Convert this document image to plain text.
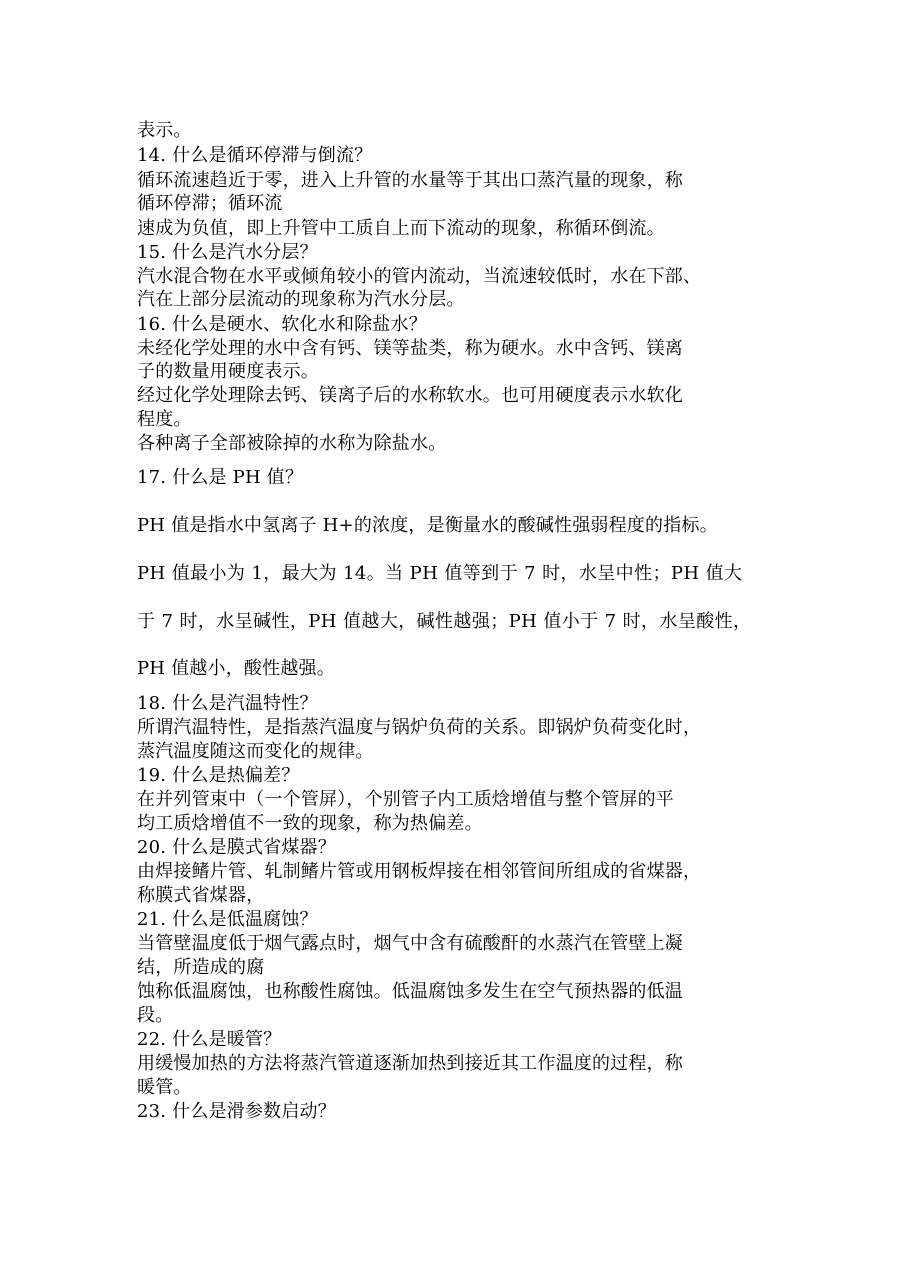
表示。

14. 什么是循环停滞与倒流？

循环流速趋近于零，进入上升管的水量等于其出口蒸汽量的现象，称

循环停滞；循环流

速成为负值，即上升管中工质自上而下流动的现象，称循环倒流。

15. 什么是汽水分层？

汽水混合物在水平或倾角较小的管内流动，当流速较低时，水在下部、

汽在上部分层流动的现象称为汽水分层。

16. 什么是硬水、软化水和除盐水？

未经化学处理的水中含有钙、镁等盐类，称为硬水。水中含钙、镁离

子的数量用硬度表示。

经过化学处理除去钙、镁离子后的水称软水。也可用硬度表示水软化

程度。

各种离子全部被除掉的水称为除盐水。

17. 什么是 PH 值？

PH 值是指水中氢离子 H+的浓度，是衡量水的酸碱性强弱程度的指标。

PH 值最小为 1，最大为 14。当 PH 值等到于 7 时，水呈中性；PH 值大

于 7 时，水呈碱性，PH 值越大，碱性越强；PH 值小于 7 时，水呈酸性，

PH 值越小，酸性越强。

18. 什么是汽温特性？

所谓汽温特性，是指蒸汽温度与锅炉负荷的关系。即锅炉负荷变化时，

蒸汽温度随这而变化的规律。

19. 什么是热偏差？

在并列管束中（一个管屏），个别管子内工质焓增值与整个管屏的平

均工质焓增值不一致的现象，称为热偏差。

20. 什么是膜式省煤器？

由焊接鳍片管、轧制鳍片管或用钢板焊接在相邻管间所组成的省煤器，

称膜式省煤器，

21. 什么是低温腐蚀？

当管壁温度低于烟气露点时，烟气中含有硫酸酐的水蒸汽在管壁上凝

结，所造成的腐

蚀称低温腐蚀，也称酸性腐蚀。低温腐蚀多发生在空气预热器的低温

段。

22. 什么是暖管？

用缓慢加热的方法将蒸汽管道逐渐加热到接近其工作温度的过程，称

暖管。

23. 什么是滑参数启动？
